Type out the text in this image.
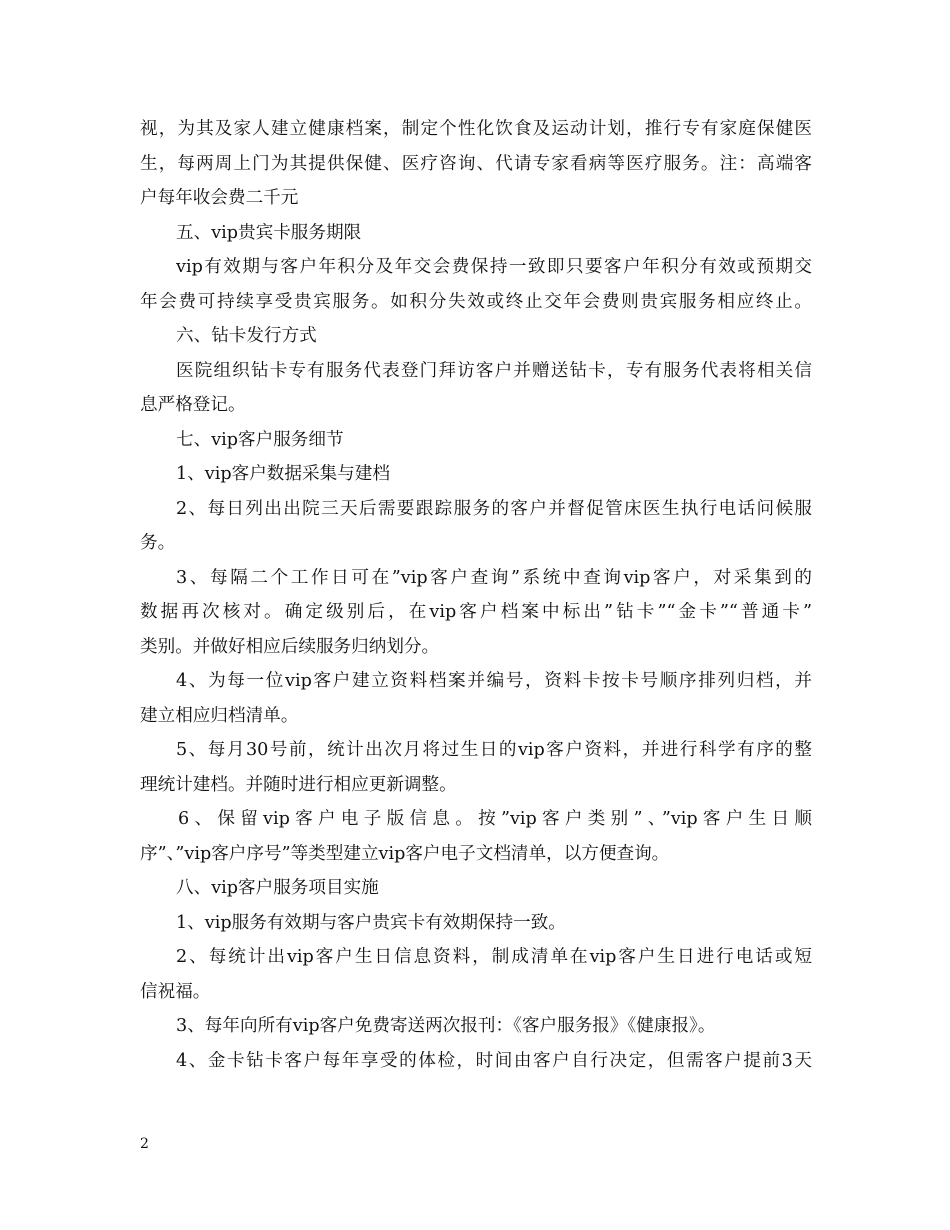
视，为其及家人建立健康档案，制定个性化饮食及运动计划，推行专有家庭保健医
生，每两周上门为其提供保健、医疗咨询、代请专家看病等医疗服务。注：高端客
户每年收会费二千元
五、vip贵宾卡服务期限
vip有效期与客户年积分及年交会费保持一致即只要客户年积分有效或预期交
年会费可持续享受贵宾服务。如积分失效或终止交年会费则贵宾服务相应终止。
六、钻卡发行方式
医院组织钻卡专有服务代表登门拜访客户并赠送钻卡，专有服务代表将相关信
息严格登记。
七、vip客户服务细节
1、vip客户数据采集与建档
2、每日列出出院三天后需要跟踪服务的客户并督促管床医生执行电话问候服
务。
3、每隔二个工作日可在”vip客户查询”系统中查询vip客户，对采集到的
数据再次核对。确定级别后，在vip客户档案中标出”钻卡”“金卡”“普通卡”
类别。并做好相应后续服务归纳划分。
4、为每一位vip客户建立资料档案并编号，资料卡按卡号顺序排列归档，并
建立相应归档清单。
5、每月30号前，统计出次月将过生日的vip客户资料，并进行科学有序的整
理统计建档。并随时进行相应更新调整。
6、保留vip客户电子版信息。按”vip客户类别”、”vip客户生日顺
序”、”vip客户序号”等类型建立vip客户电子文档清单，以方便查询。
八、vip客户服务项目实施
1、vip服务有效期与客户贵宾卡有效期保持一致。
2、每统计出vip客户生日信息资料，制成清单在vip客户生日进行电话或短
信祝福。
3、每年向所有vip客户免费寄送两次报刊：《客户服务报》《健康报》。
4、金卡钻卡客户每年享受的体检，时间由客户自行决定，但需客户提前3天
2
